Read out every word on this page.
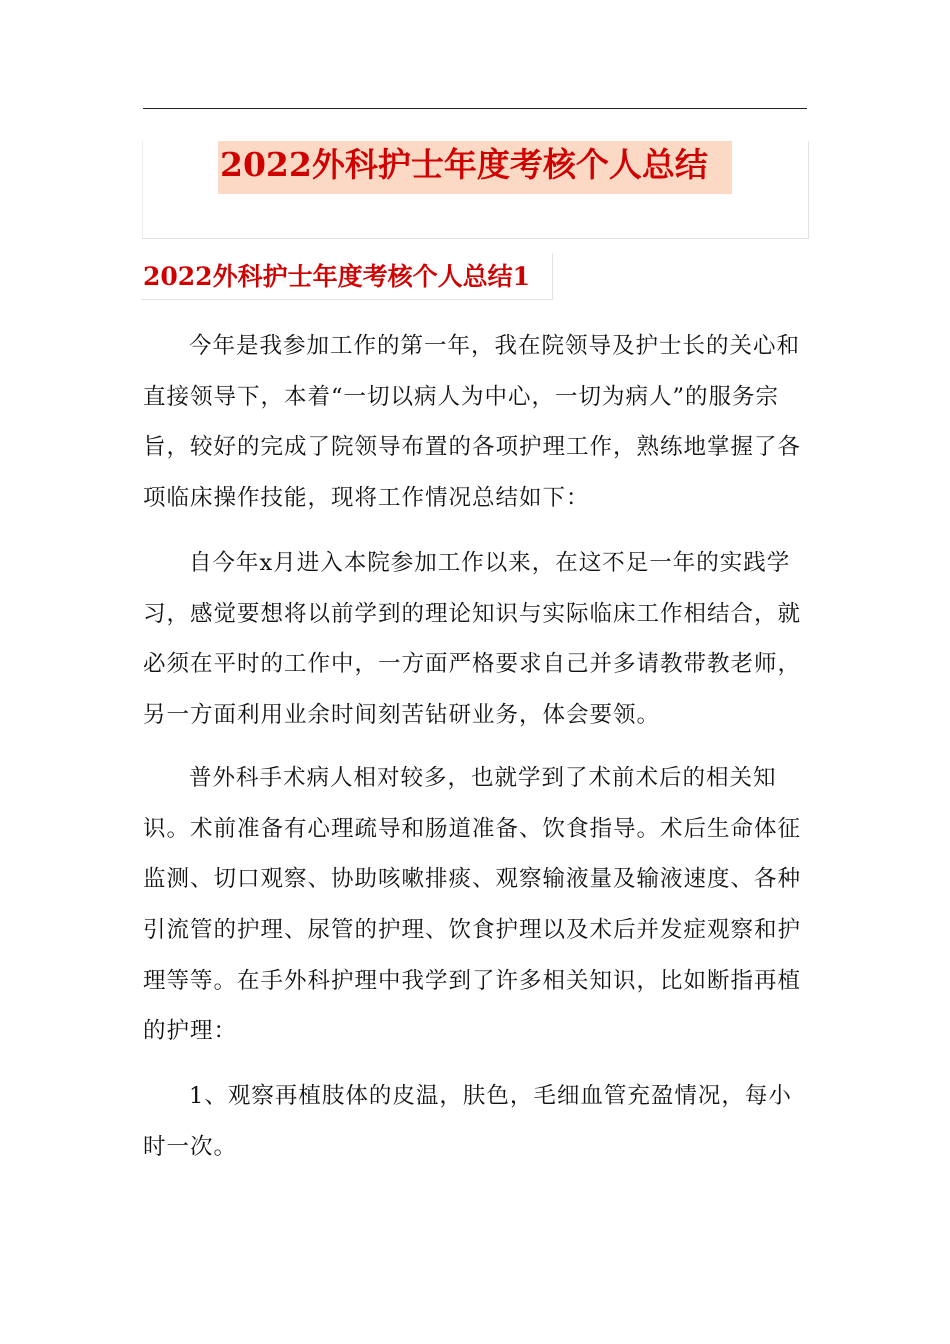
2022外科护士年度考核个人总结
2022外科护士年度考核个人总结1
今年是我参加工作的第一年，我在院领导及护士长的关心和
直接领导下，本着“一切以病人为中心，一切为病人”的服务宗
旨，较好的完成了院领导布置的各项护理工作，熟练地掌握了各
项临床操作技能，现将工作情况总结如下：
自今年x月进入本院参加工作以来，在这不足一年的实践学
习，感觉要想将以前学到的理论知识与实际临床工作相结合，就
必须在平时的工作中，一方面严格要求自己并多请教带教老师，
另一方面利用业余时间刻苦钻研业务，体会要领。
普外科手术病人相对较多，也就学到了术前术后的相关知
识。术前准备有心理疏导和肠道准备、饮食指导。术后生命体征
监测、切口观察、协助咳嗽排痰、观察输液量及输液速度、各种
引流管的护理、尿管的护理、饮食护理以及术后并发症观察和护
理等等。在手外科护理中我学到了许多相关知识，比如断指再植
的护理：
1、观察再植肢体的皮温，肤色，毛细血管充盈情况，每小
时一次。
